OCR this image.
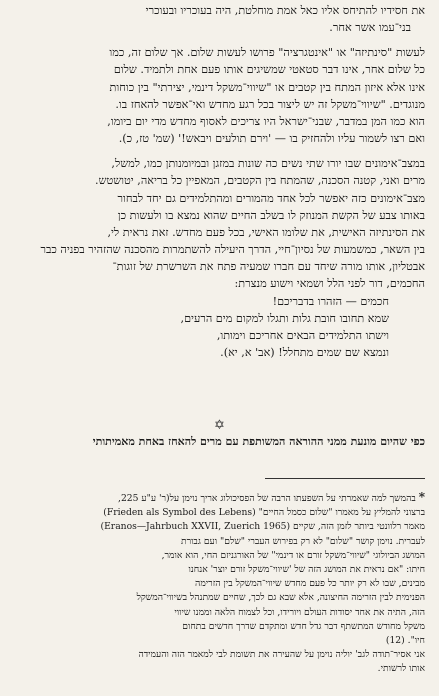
את חסידיו להתיחס אליו כאל אמת מוחלטת, היה בעוכריו ובעוכרי
בני־עמו אשר אחר.

לעשות "סינתיזה" או "אינטגרציה" פרושו לעשות שלום. אך שלום זה, כמו
כל שלום אחר, אינו דבר סטאטי שמשיגים אותו פעם אחת ולתמיד. שלום
אינו אלא איזון המתח בין קטבים או "שיווי־משקל דינמי, יצירתי" בין כוחות
מנוגדים. "שיווי־משקל זה יש ליצור בכל רגע מחדש ואי־אפשר להאחז בו.
הוא כמו המן במדבר, שבני־ישראל היו צריכים לאסוף מחדש מדי יום ביומו,
ואם רצו לשמור עליו ולהחזיק בו — 'וירם תולעים ויבאש!' (שמ' טז, כ).

במצב־אימונים שבו יורו שתי נשים כה שונות במזגן ובמיומנותן כמו, למשל,
מרים ואני, קטנה הסכנה, שהמתח בין הקטבים, המאפיין כל בריאה, יטושטש.
מצב־אימונים כזה יאפשר לכל אחד מהמורים ומהתלמידים גם יחד לבחור
באותו צבע של הקשת המנוזק לו בשלב החיים שהוא נמצא בו ולעשות כן
את הסינתיזה האישית, את שלומו האישי, בכל פעם מחדש. זאת נראית לי,
בין השאר, כמשמעות של נסיון־חיי, הדרך היעילה להשתמרות מהסכנה שהזהיר בפניה כבר
אבטליון, אותו מורה שיחד עם חברו שמעיה פתח את השרשרת של זוגות־
החכמים, דור לפני הלל ושמאי וישוע מנצרת:

חכמים — הזהרו בדבריכם!
שמא תחובו חובת גלות ותגלו למקום מים הרעים,
וישתו התלמידים הבאים אחריכם וימותו,
ונמצא שם שמים מתחלל! (אב' א, יא).
✡
כפי שהיום מונעת ממני ההוראה המשותפת עם מרים להאחז באחת מאמיתותי
* בהמשך למה שאמרתי על השפעתו הרבה של הפסיכולוג אריך נוימן על(ר' ע"ע 225,
ברצוני להמליץ על מאמרו "שלום כסמל החיים" (Frieden als Symbol des Lebens)
מאמר רלוונטי ביותר לזמן הזה, שקיים (Eranos—Jahrbuch XXVII, Zuerich 1965)
לעברית. נוימן קושר "שלום" לא רק בפירוש העברי "שלם" ועם גבורת
המושג הביולוגי "שיווי־משקל זורם או דינמי" של האורגניזם החי, הוא אומר,
חיתו: "אם נראית את המושג הזה של 'שיווי־משקל זורם יוצר' אנחנו
מבינים, שבו לא רק יותר כל פעם מחדש שיווי־המשקל בין הזרימה
הפנימית לבין הזרימה החיצונה, אלא שבא גם לכך, שחיים שמתנהל בשיווי־המשקל
הזה, התיה את אחד יסודות העולם ויורידו, וכל לצמוח הלאה וממנו שיווי
משקל מחודש המתשתף דבר גדל חדש ומתקדם שדרך חדשים בתחום
חיו". (12)
אני אסיר־תודה לגב' יוליה נוימן על שהעירה את תשומת לבי למאמר הזה והעמידה
אותו לרשותי.
